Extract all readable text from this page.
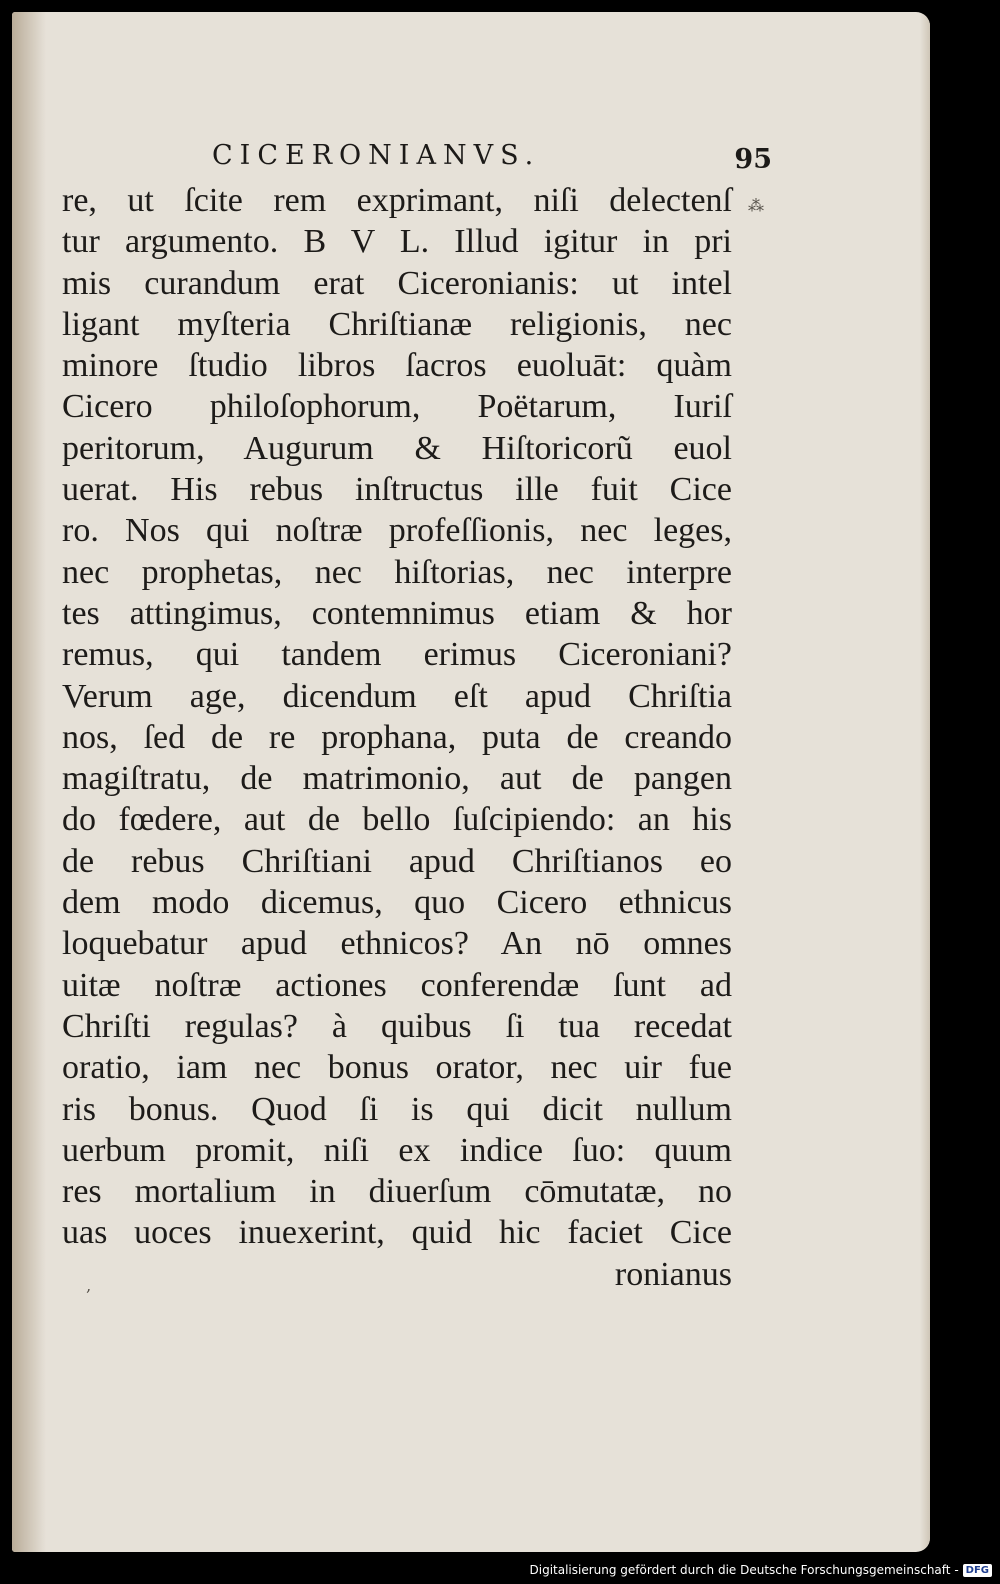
CICERONIANVS.	95
⁂
re, ut ſcite rem exprimant, niſi delectenſ
tur argumento. B V L. Illud igitur in pri
mis curandum erat Ciceronianis: ut intel
ligant myſteria Chriſtianæ religionis, nec
minore ſtudio libros ſacros euoluāt: quàm
Cicero philoſophorum, Poëtarum, Iuriſ
peritorum, Augurum & Hiſtoricorũ euol
uerat. His rebus inſtructus ille fuit Cice
ro. Nos qui noſtræ profeſſionis, nec leges,
nec prophetas, nec hiſtorias, nec interpre
tes attingimus, contemnimus etiam & hor
remus, qui tandem erimus Ciceroniani?
Verum age, dicendum eſt apud Chriſtia
nos, ſed de re prophana, puta de creando
magiſtratu, de matrimonio, aut de pangen
do fœdere, aut de bello ſuſcipiendo: an his
de rebus Chriſtiani apud Chriſtianos eo
dem modo dicemus, quo Cicero ethnicus
loquebatur apud ethnicos? An nō omnes
uitæ noſtræ actiones conferendæ ſunt ad
Chriſti regulas? à quibus ſi tua recedat
oratio, iam nec bonus orator, nec uir fue
ris bonus. Quod ſi is qui dicit nullum
uerbum promit, niſi ex indice ſuo: quum
res mortalium in diuerſum cōmutatæ, no
uas uoces inuexerint, quid hic faciet Cice
ronianus
‚
Digitalisierung gefördert durch die Deutsche Forschungsgemeinschaft - DFG
